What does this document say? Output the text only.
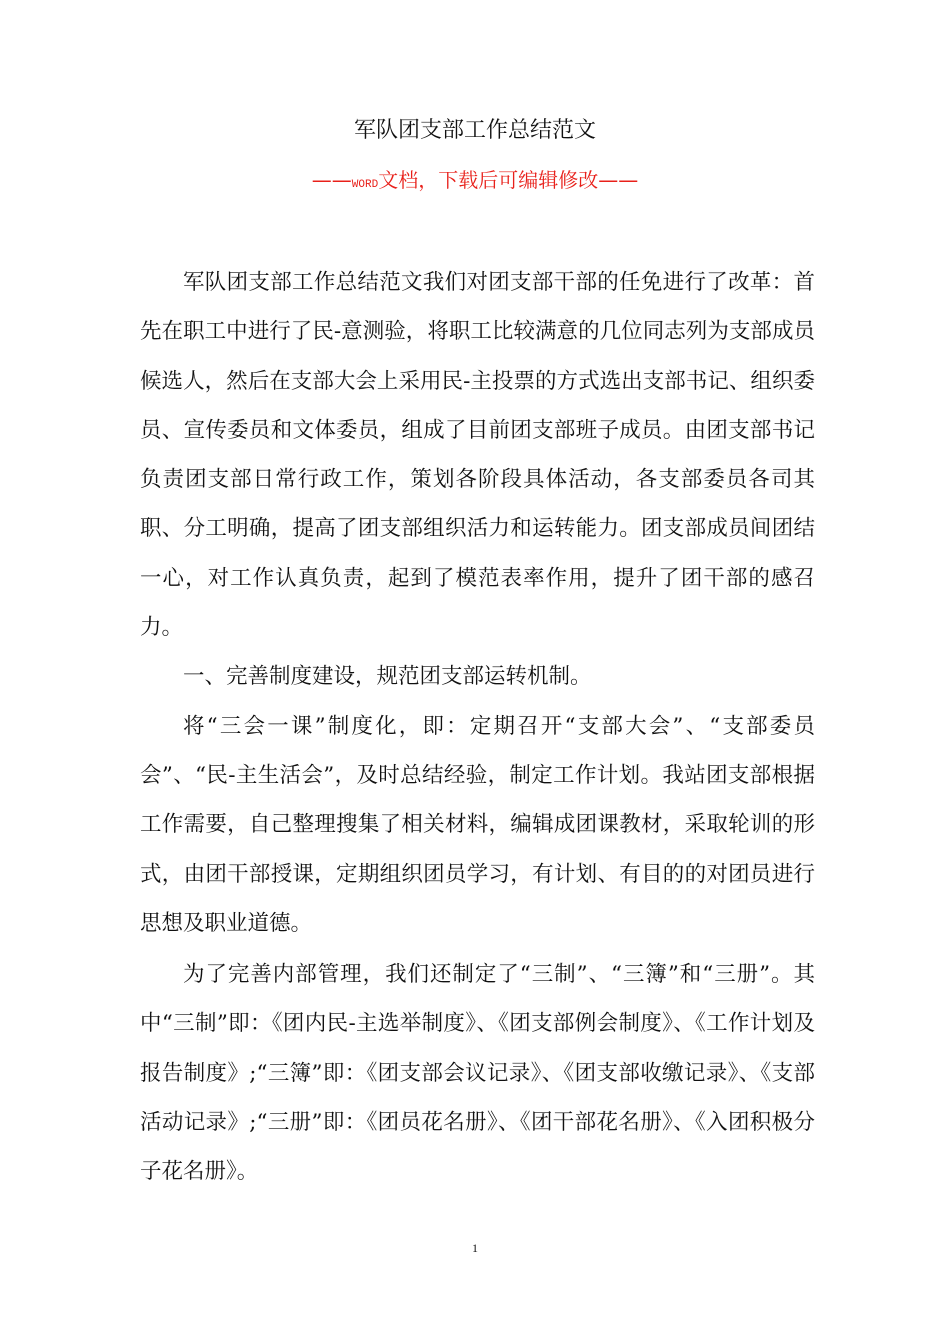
军队团支部工作总结范文
——WORD文档，下载后可编辑修改——

军队团支部工作总结范文我们对团支部干部的任免进行了改革：首先在职工中进行了民-意测验，将职工比较满意的几位同志列为支部成员候选人，然后在支部大会上采用民-主投票的方式选出支部书记、组织委员、宣传委员和文体委员，组成了目前团支部班子成员。由团支部书记负责团支部日常行政工作，策划各阶段具体活动，各支部委员各司其职、分工明确，提高了团支部组织活力和运转能力。团支部成员间团结一心，对工作认真负责，起到了模范表率作用，提升了团干部的感召力。

一、完善制度建设，规范团支部运转机制。

将“三会一课”制度化，即：定期召开“支部大会”、“支部委员会”、“民-主生活会”，及时总结经验，制定工作计划。我站团支部根据工作需要，自己整理搜集了相关材料，编辑成团课教材，采取轮训的形式，由团干部授课，定期组织团员学习，有计划、有目的的对团员进行思想及职业道德。

为了完善内部管理，我们还制定了“三制”、“三簿”和“三册”。其中“三制”即：《团内民-主选举制度》、《团支部例会制度》、《工作计划及报告制度》;“三簿”即：《团支部会议记录》、《团支部收缴记录》、《支部活动记录》;“三册”即：《团员花名册》、《团干部花名册》、《入团积极分子花名册》。

1
